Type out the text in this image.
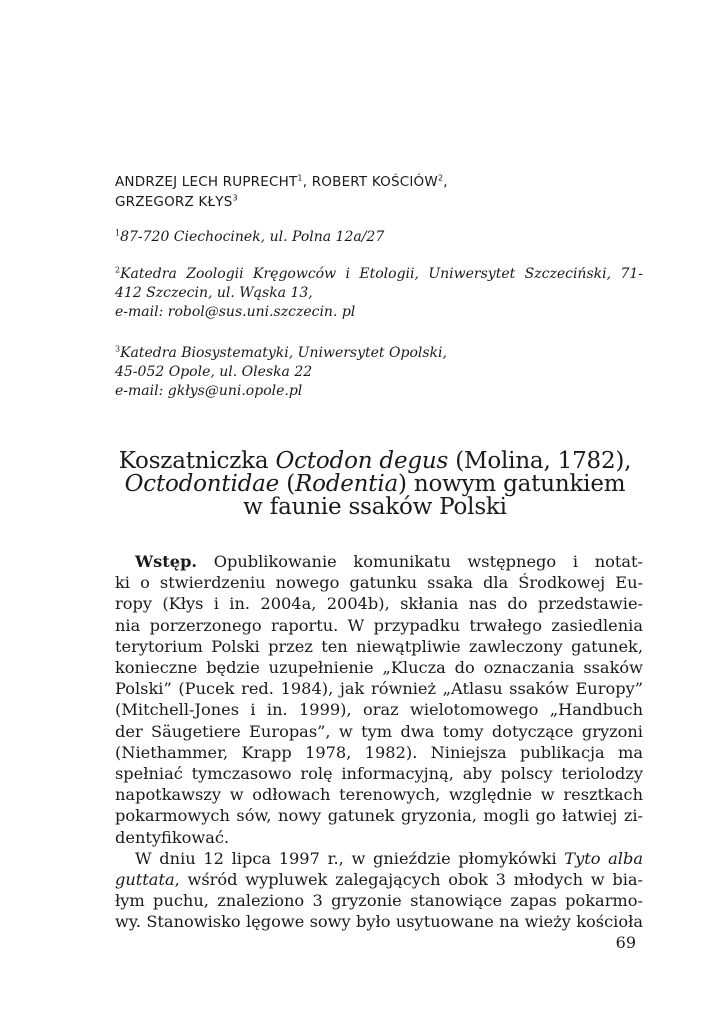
ANDRZEJ LECH RUPRECHT$^1$, ROBERT KOŚCIÓW$^2$,
GRZEGORZ KŁYS$^3$
$^1$87-720 Ciechocinek, ul. Polna 12a/27
$^2$Katedra Zoologii Kręgowców i Etologii, Uniwersytet Szczeciński, 71-
412 Szczecin, ul. Wąska 13,
e-mail: robol@sus.uni.szczecin. pl
$^3$Katedra Biosystematyki, Uniwersytet Opolski,
45-052 Opole, ul. Oleska 22
e-mail: gkłys@uni.opole.pl
Koszatniczka Octodon degus (Molina, 1782),
Octodontidae (Rodentia) nowym gatunkiem
w faunie ssaków Polski
Wstęp. Opublikowanie komunikatu wstępnego i notat-
ki o stwierdzeniu nowego gatunku ssaka dla Środkowej Eu-
ropy (Kłys i in. 2004a, 2004b), skłania nas do przedstawie-
nia porzerzonego raportu. W przypadku trwałego zasiedlenia
terytorium Polski przez ten niewątpliwie zawleczony gatunek,
konieczne będzie uzupełnienie „Klucza do oznaczania ssaków
Polski” (Pucek red. 1984), jak również „Atlasu ssaków Europy”
(Mitchell-Jones i in. 1999), oraz wielotomowego „Handbuch
der Säugetiere Europas”, w tym dwa tomy dotyczące gryzoni
(Niethammer, Krapp 1978, 1982). Niniejsza publikacja ma
spełniać tymczasowo rolę informacyjną, aby polscy teriolodzy
napotkawszy w odłowach terenowych, względnie w resztkach
pokarmowych sów, nowy gatunek gryzonia, mogli go łatwiej zi-
dentyfikować.
W dniu 12 lipca 1997 r., w gnieździe płomykówki Tyto alba
guttata, wśród wypluwek zalegających obok 3 młodych w bia-
łym puchu, znaleziono 3 gryzonie stanowiące zapas pokarmo-
wy. Stanowisko lęgowe sowy było usytuowane na wieży kościoła
69
